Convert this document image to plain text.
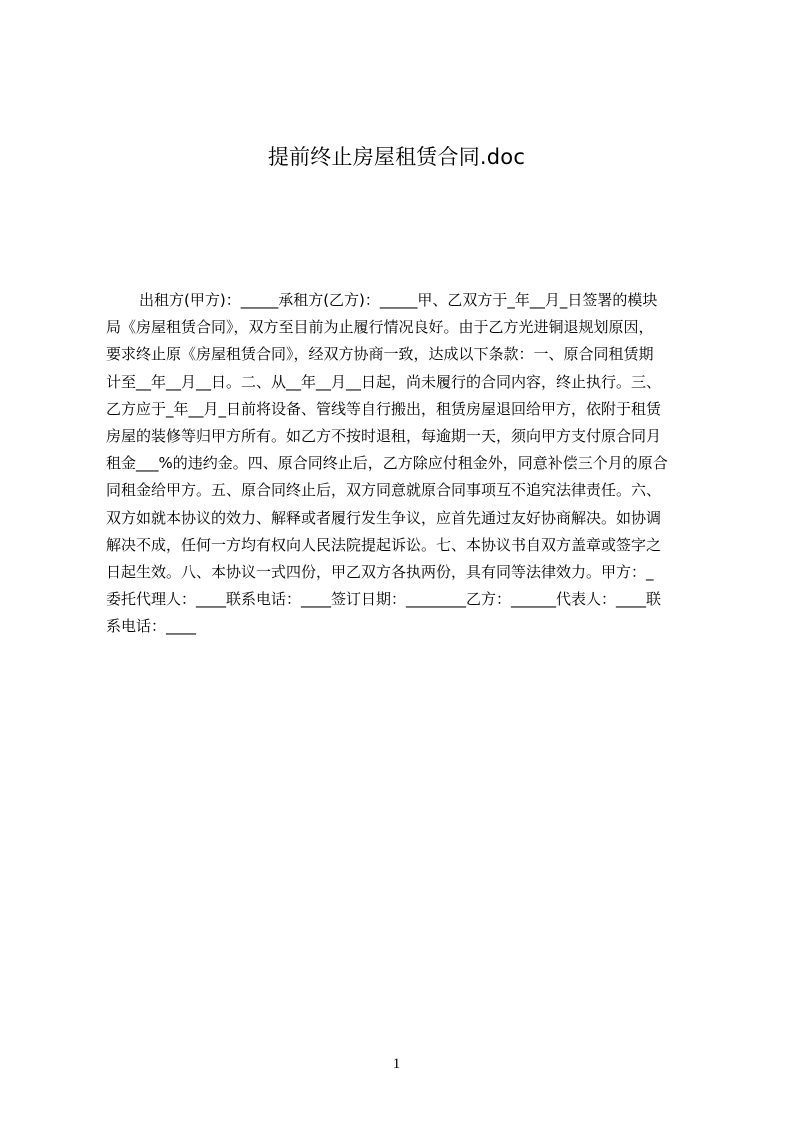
提前终止房屋租赁合同.doc
出租方(甲方)：_____承租方(乙方)：_____甲、乙双方于_年__月_日签署的模块
局《房屋租赁合同》，双方至目前为止履行情况良好。由于乙方光进铜退规划原因，
要求终止原《房屋租赁合同》，经双方协商一致，达成以下条款：一、原合同租赁期
计至__年__月__日。二、从__年__月__日起，尚未履行的合同内容，终止执行。三、
乙方应于_年__月_日前将设备、管线等自行搬出，租赁房屋退回给甲方，依附于租赁
房屋的装修等归甲方所有。如乙方不按时退租，每逾期一天，须向甲方支付原合同月
租金___%的违约金。四、原合同终止后，乙方除应付租金外，同意补偿三个月的原合
同租金给甲方。五、原合同终止后，双方同意就原合同事项互不追究法律责任。六、
双方如就本协议的效力、解释或者履行发生争议，应首先通过友好协商解决。如协调
解决不成，任何一方均有权向人民法院提起诉讼。七、本协议书自双方盖章或签字之
日起生效。八、本协议一式四份，甲乙双方各执两份，具有同等法律效力。甲方：_
委托代理人：____联系电话：____签订日期：________乙方：______代表人：____联
系电话：____
1
